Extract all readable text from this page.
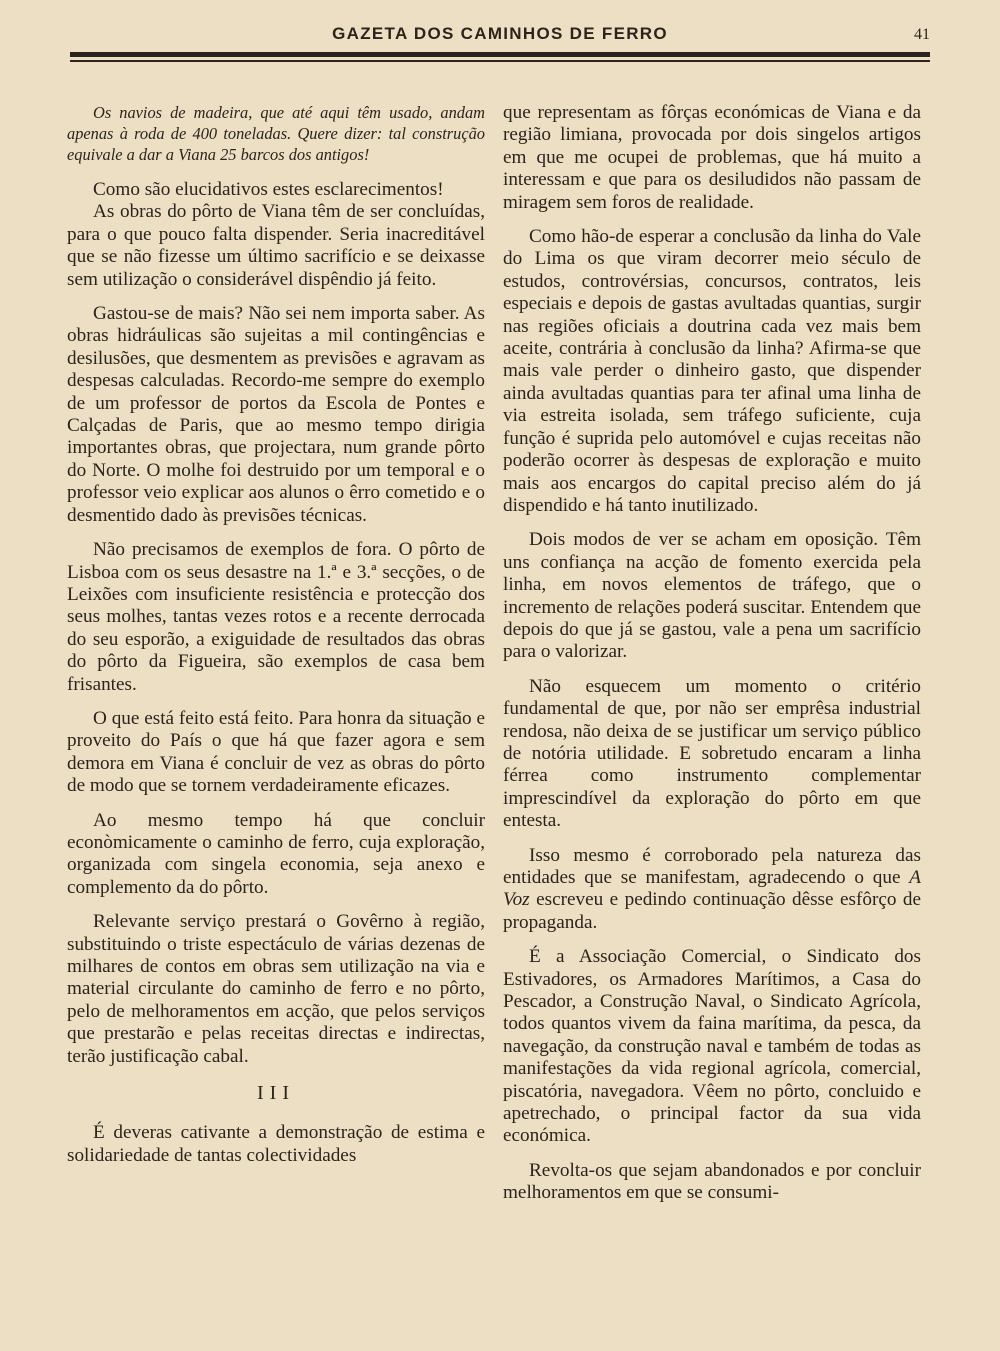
GAZETA DOS CAMINHOS DE FERRO	41

Os navios de madeira, que até aqui têm usado, andam apenas à roda de 400 toneladas. Quere dizer: tal construção equivale a dar a Viana 25 barcos dos antigos!

Como são elucidativos estes esclarecimentos!

As obras do pôrto de Viana têm de ser concluídas, para o que pouco falta dispender. Seria inacreditável que se não fizesse um último sacrifício e se deixasse sem utilização o considerável dispêndio já feito.

Gastou-se de mais? Não sei nem importa saber. As obras hidráulicas são sujeitas a mil contingências e desilusões, que desmentem as previsões e agravam as despesas calculadas. Recordo-me sempre do exemplo de um professor de portos da Escola de Pontes e Calçadas de Paris, que ao mesmo tempo dirigia importantes obras, que projectara, num grande pôrto do Norte. O molhe foi destruido por um temporal e o professor veio explicar aos alunos o êrro cometido e o desmentido dado às previsões técnicas.

Não precisamos de exemplos de fora. O pôrto de Lisboa com os seus desastre na 1.ª e 3.ª secções, o de Leixões com insuficiente resistência e protecção dos seus molhes, tantas vezes rotos e a recente derrocada do seu esporão, a exiguidade de resultados das obras do pôrto da Figueira, são exemplos de casa bem frisantes.

O que está feito está feito. Para honra da situação e proveito do País o que há que fazer agora e sem demora em Viana é concluir de vez as obras do pôrto de modo que se tornem verdadeiramente eficazes.

Ao mesmo tempo há que concluir econòmicamente o caminho de ferro, cuja exploração, organizada com singela economia, seja anexo e complemento da do pôrto.

Relevante serviço prestará o Govêrno à região, substituindo o triste espectáculo de várias dezenas de milhares de contos em obras sem utilização na via e material circulante do caminho de ferro e no pôrto, pelo de melhoramentos em acção, que pelos serviços que prestarão e pelas receitas directas e indirectas, terão justificação cabal.

III

É deveras cativante a demonstração de estima e solidariedade de tantas colectividades

que representam as fôrças económicas de Viana e da região limiana, provocada por dois singelos artigos em que me ocupei de problemas, que há muito a interessam e que para os desiludidos não passam de miragem sem foros de realidade.

Como hão-de esperar a conclusão da linha do Vale do Lima os que viram decorrer meio século de estudos, controvérsias, concursos, contratos, leis especiais e depois de gastas avultadas quantias, surgir nas regiões oficiais a doutrina cada vez mais bem aceite, contrária à conclusão da linha? Afirma-se que mais vale perder o dinheiro gasto, que dispender ainda avultadas quantias para ter afinal uma linha de via estreita isolada, sem tráfego suficiente, cuja função é suprida pelo automóvel e cujas receitas não poderão ocorrer às despesas de exploração e muito mais aos encargos do capital preciso além do já dispendido e há tanto inutilizado.

Dois modos de ver se acham em oposição. Têm uns confiança na acção de fomento exercida pela linha, em novos elementos de tráfego, que o incremento de relações poderá suscitar. Entendem que depois do que já se gastou, vale a pena um sacrifício para o valorizar.

Não esquecem um momento o critério fundamental de que, por não ser emprêsa industrial rendosa, não deixa de se justificar um serviço público de notória utilidade. E sobretudo encaram a linha férrea como instrumento complementar imprescindível da exploração do pôrto em que entesta.

Isso mesmo é corroborado pela natureza das entidades que se manifestam, agradecendo o que A Voz escreveu e pedindo continuação dêsse esfôrço de propaganda.

É a Associação Comercial, o Sindicato dos Estivadores, os Armadores Marítimos, a Casa do Pescador, a Construção Naval, o Sindicato Agrícola, todos quantos vivem da faina marítima, da pesca, da navegação, da construção naval e também de todas as manifestações da vida regional agrícola, comercial, piscatória, navegadora. Vêem no pôrto, concluido e apetrechado, o principal factor da sua vida económica.

Revolta-os que sejam abandonados e por concluir melhoramentos em que se consumi-
